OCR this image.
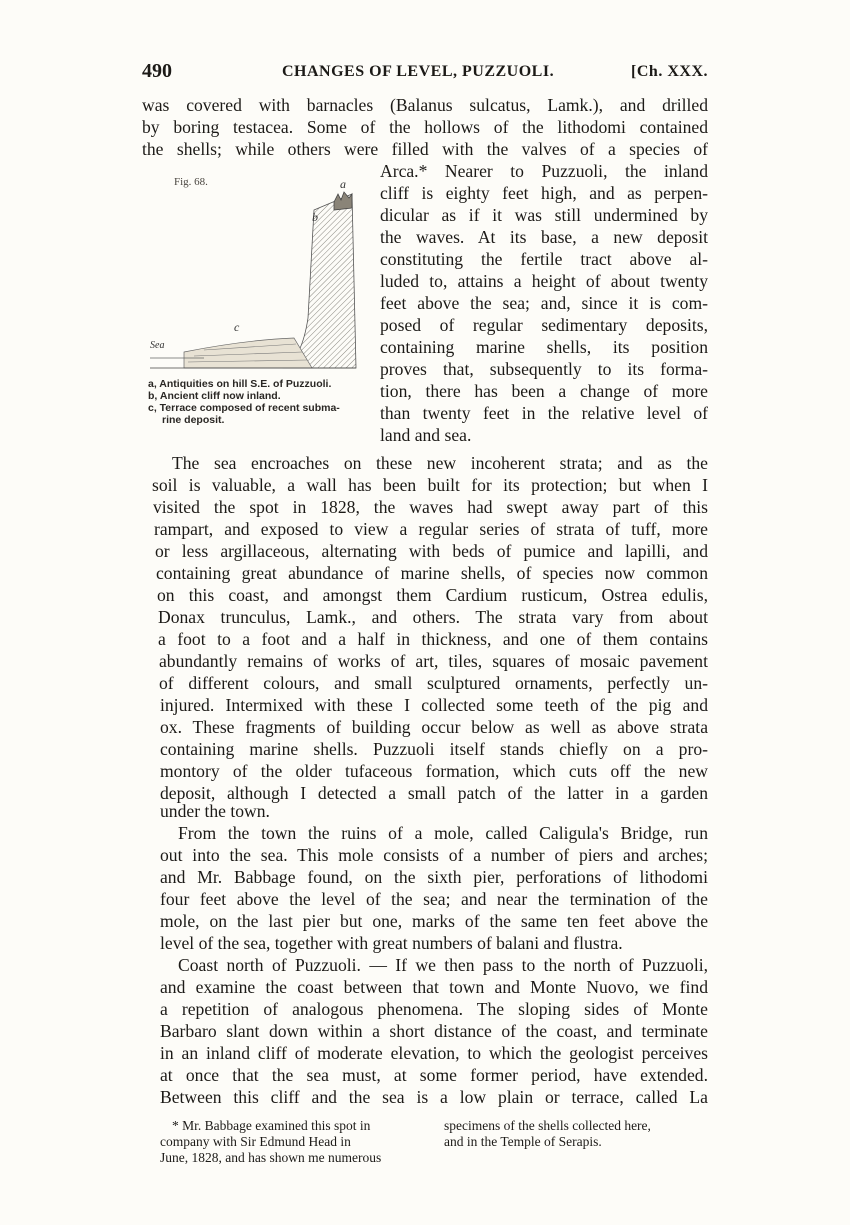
490	CHANGES OF LEVEL, PUZZUOLI.	[Ch. XXX.
Fig. 68.	a
b
c
Sea
a, Antiquities on hill S.E. of Puzzuoli.
b, Ancient cliff now inland.
c, Terrace composed of recent subma-
rine deposit.
was covered with barnacles (Balanus sulcatus, Lamk.), and drilled
by boring testacea. Some of the hollows of the lithodomi contained
the shells; while others were filled with the valves of a species of
Arca.* Nearer to Puzzuoli, the inland
cliff is eighty feet high, and as perpen-
dicular as if it was still undermined by
the waves. At its base, a new deposit
constituting the fertile tract above al-
luded to, attains a height of about twenty
feet above the sea; and, since it is com-
posed of regular sedimentary deposits,
containing marine shells, its position
proves that, subsequently to its forma-
tion, there has been a change of more
than twenty feet in the relative level of
land and sea.
The sea encroaches on these new incoherent strata; and as the
soil is valuable, a wall has been built for its protection; but when I
visited the spot in 1828, the waves had swept away part of this
rampart, and exposed to view a regular series of strata of tuff, more
or less argillaceous, alternating with beds of pumice and lapilli, and
containing great abundance of marine shells, of species now common
on this coast, and amongst them Cardium rusticum, Ostrea edulis,
Donax trunculus, Lamk., and others. The strata vary from about
a foot to a foot and a half in thickness, and one of them contains
abundantly remains of works of art, tiles, squares of mosaic pavement
of different colours, and small sculptured ornaments, perfectly un-
injured. Intermixed with these I collected some teeth of the pig and
ox. These fragments of building occur below as well as above strata
containing marine shells. Puzzuoli itself stands chiefly on a pro-
montory of the older tufaceous formation, which cuts off the new
deposit, although I detected a small patch of the latter in a garden
under the town.
From the town the ruins of a mole, called Caligula's Bridge, run
out into the sea. This mole consists of a number of piers and arches;
and Mr. Babbage found, on the sixth pier, perforations of lithodomi
four feet above the level of the sea; and near the termination of the
mole, on the last pier but one, marks of the same ten feet above the
level of the sea, together with great numbers of balani and flustra.
Coast north of Puzzuoli. — If we then pass to the north of Puzzuoli,
and examine the coast between that town and Monte Nuovo, we find
a repetition of analogous phenomena. The sloping sides of Monte
Barbaro slant down within a short distance of the coast, and terminate
in an inland cliff of moderate elevation, to which the geologist perceives
at once that the sea must, at some former period, have extended.
Between this cliff and the sea is a low plain or terrace, called La
* Mr. Babbage examined this spot in
company with Sir Edmund Head in
June, 1828, and has shown me numerous
specimens of the shells collected here,
and in the Temple of Serapis.
